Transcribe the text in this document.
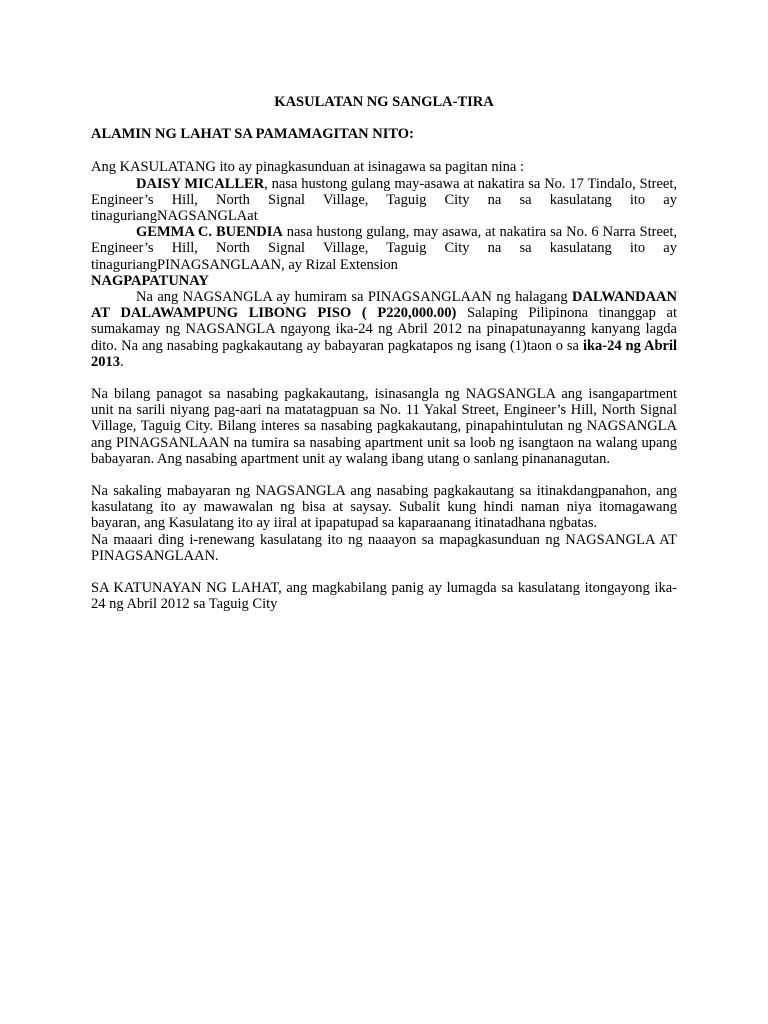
KASULATAN NG SANGLA-TIRA
ALAMIN NG LAHAT SA PAMAMAGITAN NITO:

Ang KASULATANG ito ay pinagkasunduan at isinagawa sa pagitan nina :

DAISY MICALLER, nasa hustong gulang may-asawa at nakatira sa No. 17 Tindalo, Street, Engineer’s Hill, North Signal Village, Taguig City na sa kasulatang ito ay tinaguriangNAGSANGLAat

GEMMA C. BUENDIA nasa hustong gulang, may asawa, at nakatira sa No. 6 Narra Street, Engineer’s Hill, North Signal Village, Taguig City na sa kasulatang ito ay tinaguriangPINAGSANGLAAN, ay Rizal Extension

NAGPAPATUNAY

Na ang NAGSANGLA ay humiram sa PINAGSANGLAAN ng halagang DALWANDAAN AT DALAWAMPUNG LIBONG PISO ( P220,000.00) Salaping Pilipinona tinanggap at sumakamay ng NAGSANGLA ngayong ika-24 ng Abril 2012 na pinapatunayanng kanyang lagda dito. Na ang nasabing pagkakautang ay babayaran pagkatapos ng isang (1)taon o sa ika-24 ng Abril 2013.

Na bilang panagot sa nasabing pagkakautang, isinasangla ng NAGSANGLA ang isangapartment unit na sarili niyang pag-aari na matatagpuan sa No. 11 Yakal Street, Engineer’s Hill, North Signal Village, Taguig City. Bilang interes sa nasabing pagkakautang, pinapahintulutan ng NAGSANGLA ang PINAGSANLAAN na tumira sa nasabing apartment unit sa loob ng isangtaon na walang upang babayaran. Ang nasabing apartment unit ay walang ibang utang o sanlang pinananagutan.

Na sakaling mabayaran ng NAGSANGLA ang nasabing pagkakautang sa itinakdangpanahon, ang kasulatang ito ay mawawalan ng bisa at saysay. Subalit kung hindi naman niya itomagawang bayaran, ang Kasulatang ito ay iiral at ipapatupad sa kaparaanang itinatadhana ngbatas.

Na maaari ding i-renewang kasulatang ito ng naaayon sa mapagkasunduan ng NAGSANGLA AT PINAGSANGLAAN.

SA KATUNAYAN NG LAHAT, ang magkabilang panig ay lumagda sa kasulatang itongayong ika-24 ng Abril 2012 sa Taguig City
